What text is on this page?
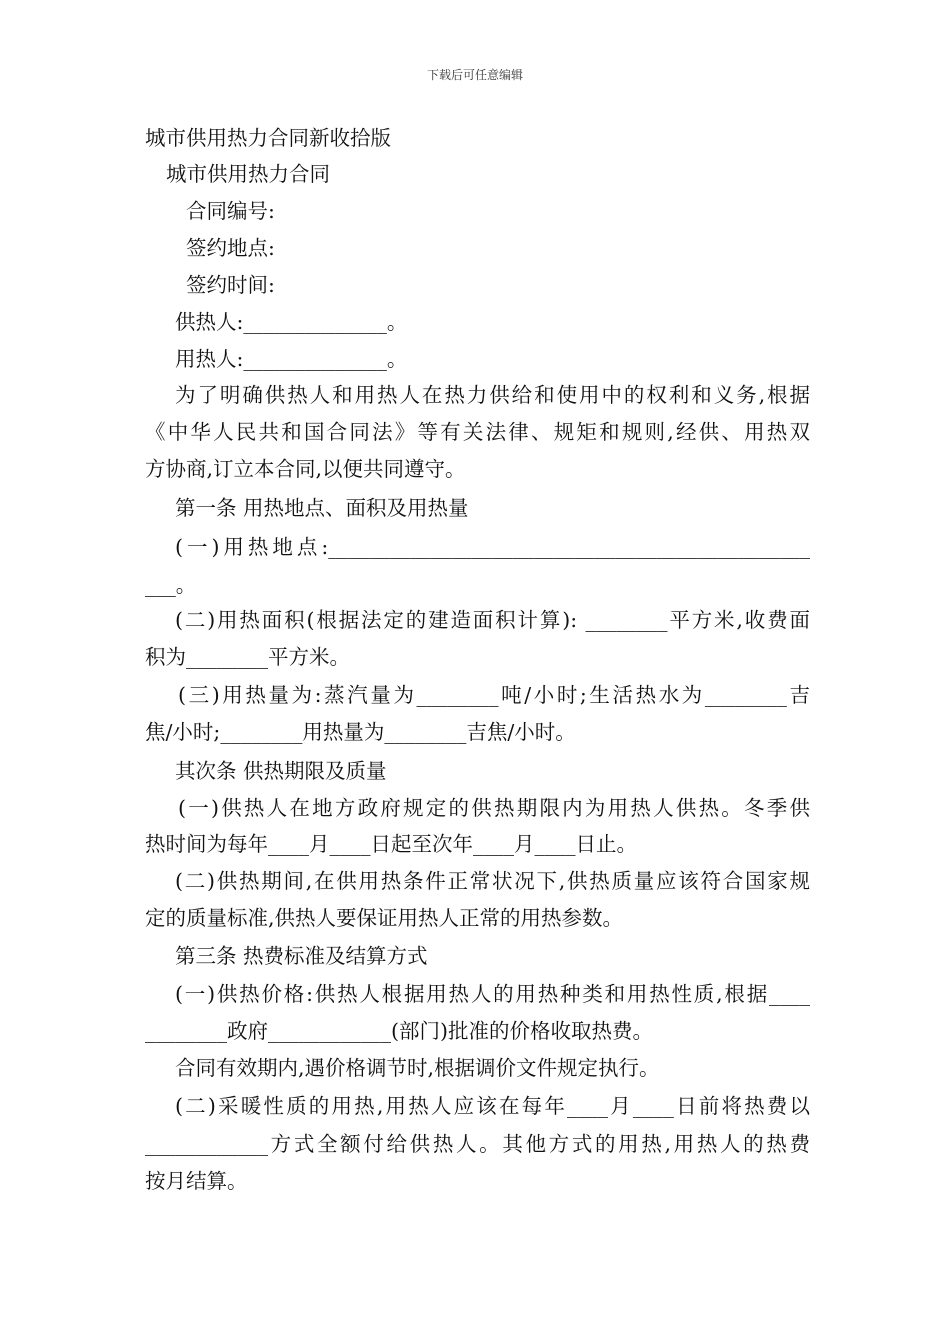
下载后可任意编辑
城市供用热力合同新收拾版
城市供用热力合同
合同编号:
签约地点:
签约时间:
供热人:______________。
用热人:______________。
为了明确供热人和用热人在热力供给和使用中的权利和义务,根据
《中华人民共和国合同法》等有关法律、规矩和规则,经供、用热双
方协商,订立本合同,以便共同遵守。
第一条 用热地点、面积及用热量
(一)用热地点:_______________________________________________
___。
(二)用热面积(根据法定的建造面积计算): ________平方米,收费面
积为________平方米。
(三)用热量为:蒸汽量为________吨/小时;生活热水为________吉
焦/小时;________用热量为________吉焦/小时。
其次条 供热期限及质量
(一)供热人在地方政府规定的供热期限内为用热人供热。冬季供
热时间为每年____月____日起至次年____月____日止。
(二)供热期间,在供用热条件正常状况下,供热质量应该符合国家规
定的质量标准,供热人要保证用热人正常的用热参数。
第三条 热费标准及结算方式
(一)供热价格:供热人根据用热人的用热种类和用热性质,根据____
________政府____________(部门)批准的价格收取热费。
合同有效期内,遇价格调节时,根据调价文件规定执行。
(二)采暖性质的用热,用热人应该在每年____月____日前将热费以
____________方式全额付给供热人。其他方式的用热,用热人的热费
按月结算。
